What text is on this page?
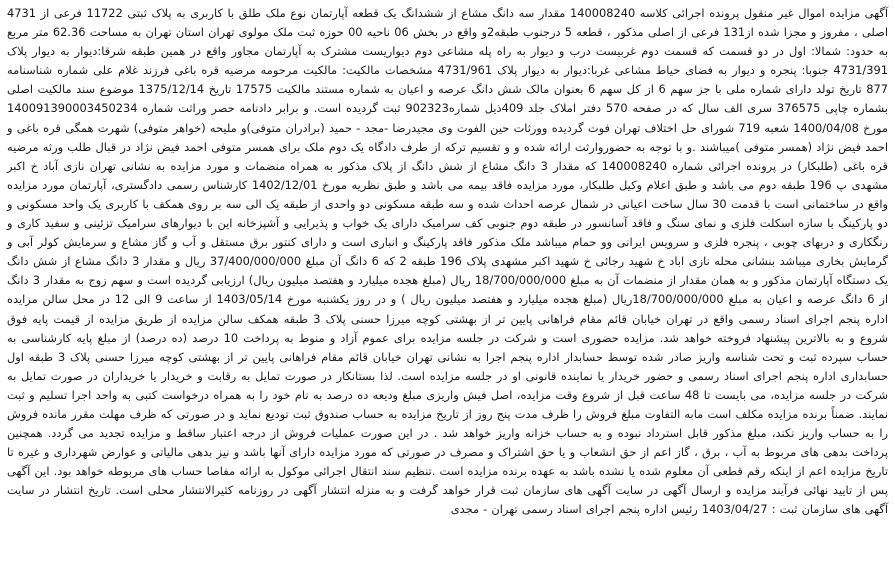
آگهی مزایده اموال غیر منقول پرونده اجرائی کلاسه 140008240 مقدار سه دانگ مشاع از ششدانگ یک قطعه آپارتمان نوع ملک طلق با کاربری به پلاک ثبتی 11722 فرعی از 4731 اصلی ، مفروز و مجزا شده از131 فرعی از اصلی مذکور ، قطعه 5 درجنوب طبقه2و واقع در بخش 06 ناحیه 00 حوزه ثبت ملک مولوی تهران استان تهران به مساحت 62.36 متر مربع به حدود: شمالا: اول در دو قسمت که قسمت دوم غربیست درب و دیوار به راه پله مشاعی دوم دیواریست مشترک به آپارتمان مجاور واقع در همین طبقه شرقا:دیوار به دیوار پلاک 4731/391 جنوبا: پنجره و دیوار به فضای حیاط مشاعی غربا:دیوار به دیوار پلاک 4731/961 مشخصات مالکیت: مالکیت مرحومه مرضیه قره باغی فرزند غلام علی شماره شناسنامه 877 تاریخ تولد دارای شماره ملی با جز سهم 6 از کل سهم 6 بعنوان مالک شش دانگ عرصه و اعیان به شماره مستند مالکیت 17575 تاریخ 1375/12/14 موضوع سند مالکیت اصلی بشماره چاپی 376575 سری الف سال که در صفحه 570 دفتر املاک جلد 409ذیل شماره902323 ثبت گردیده است. و برابر دادنامه حصر وراثت شماره 140091390003450234 مورخ 1400/04/08 شعبه 719 شورای حل اختلاف تهران فوت گردیده وورثات حین الفوت وی مجیدرضا -مجد - حمید (برادران متوفی)و ملیحه (خواهر متوفی) شهرت همگی قره باغی و احمد فیض نژاد (همسر متوفی )میباشند .و با توجه به حضوروارثت ارائه شده و و تقسیم ترکه از طرف دادگاه یک دوم ملک برای همسر متوفی احمد فیض نژاد در قبال طلب ورثه مرضیه قره باغی (طلبکار) در پرونده اجرائی شماره 140008240 که مقدار 3 دانگ مشاع از شش دانگ از پلاک مذکور به همراه منضمات و مورد مزایده به نشانی تهران نازی آباد خ اکبر مشهدی پ 196 طبقه دوم می باشد و طبق اعلام وکیل طلبکار، مورد مزایده فاقد بیمه می باشد و طبق نظریه مورخ 1402/12/01 کارشناس رسمی دادگستری، آپارتمان مورد مزایده واقع در ساختمانی است با قدمت 30 سال ساخت اعیانی در شمال عرصه احداث شده و سه طبقه مسکونی دو واحدی از طبقه یک الی سه بر روی همکف با کاربری یک واحد مسکونی و دو پارکینگ با سازه اسکلت فلزی و نمای سنگ و فاقد آسانسور در طبقه دوم جنوبی کف سرامیک دارای یک خواب و پذیرایی و آشپزخانه این با دیوارهای سرامیک تزئینی و سفید کاری و رنگکاری و دربهای چوبی ، پنجره فلزی و سرویس ایرانی وو حمام میباشد ملک مذکور فاقد پارکینگ و انباری است و دارای کنتور برق مستقل و آب و گاز مشاع و سرمایش کولر آبی و گرمایش بخاری میباشد بنشانی محله نازی اباد خ شهید رجائی خ شهید اکبر مشهدی پلاک 196 طبقه 2 که 6 دانگ آن مبلغ 37/400/000/000 ریال و مقدار 3 دانگ مشاع از شش دانگ یک دستگاه آپارتمان مذکور و به همان مقدار از منضمات آن به مبلغ 18/700/000/000 ریال (مبلغ هجده میلیارد و هفتصد میلیون ریال) ارزیابی گردیده است و سهم زوج به مقدار 3 دانگ از 6 دانگ عرصه و اعیان به مبلغ 18/700/000/000ریال (مبلغ هجده میلیارد و هفتصد میلیون ریال ) و در روز یکشنبه مورخ 1403/05/14 از ساعت 9 الی 12 در محل سالن مزایده اداره پنجم اجرای اسناد رسمی واقع در تهران خیابان قائم مقام فراهانی پایین تر از بهشتی کوچه میرزا حسنی پلاک 3 طبقه همکف سالن مزایده از طریق مزایده از قیمت پایه فوق شروع و به بالاترین پیشنهاد فروخته خواهد شد. مزایده حضوری است و شرکت در جلسه مزایده برای عموم آزاد و منوط به پرداخت 10 درصد (ده درصد) از مبلغ پایه کارشناسی به حساب سپرده ثبت و تحت شناسه واریز صادر شده توسط حسابدار اداره پنجم اجرا به نشانی تهران خیابان قائم مقام فراهانی پایین تر از بهشتی کوچه میرزا حسنی پلاک 3 طبقه اول حسابداری اداره پنجم اجرای اسناد رسمی و حضور خریدار یا نماینده قانونی او در جلسه مزایده است. لذا بستانکار در صورت تمایل به رقابت و خریدار یا خریداران در صورت تمایل به شرکت در جلسه مزایده، می بایست تا 48 ساعت قبل از شروع وقت مزایده، اصل فیش واریزی مبلغ ودیعه ده درصد به نام خود را به همراه درخواست کتبی به واحد اجرا تسلیم و ثبت نمایند. ضمناً برنده مزایده مکلف است مابه التفاوت مبلغ فروش را ظرف مدت پنج روز از تاریخ مزایده به حساب صندوق ثبت تودیع نماید و در صورتی که ظرف مهلت مقرر مانده فروش را به حساب واریز نکند، مبلغ مذکور قابل استرداد نبوده و به حساب خزانه واریز خواهد شد . در این صورت عملیات فروش از درجه اعتبار ساقط و مزایده تجدید می گردد. همچنین پرداخت بدهی های مربوط به آب ، برق ، گاز اعم از حق انشعاب و یا حق اشتراک و مصرف در صورتی که مورد مزایده دارای آنها باشد و نیز بدهی مالیاتی و عوارض شهرداری و غیره تا تاریخ مزایده اعم از اینکه رقم قطعی آن معلوم شده یا نشده باشد به عهده برنده مزایده است .تنظیم سند انتقال اجرائی موکول به ارائه مفاصا حساب های مربوطه خواهد بود. این آگهی پس از تایید نهائی فرآیند مزایده و ارسال آگهی در سایت آگهی های سازمان ثبت قرار خواهد گرفت و به منزله انتشار آگهی در روزنامه کثیرالانتشار محلی است. تاریخ انتشار در سایت آگهی های سازمان ثبت : 1403/04/27 رئیس اداره پنجم اجرای اسناد رسمی تهران - مجدی
